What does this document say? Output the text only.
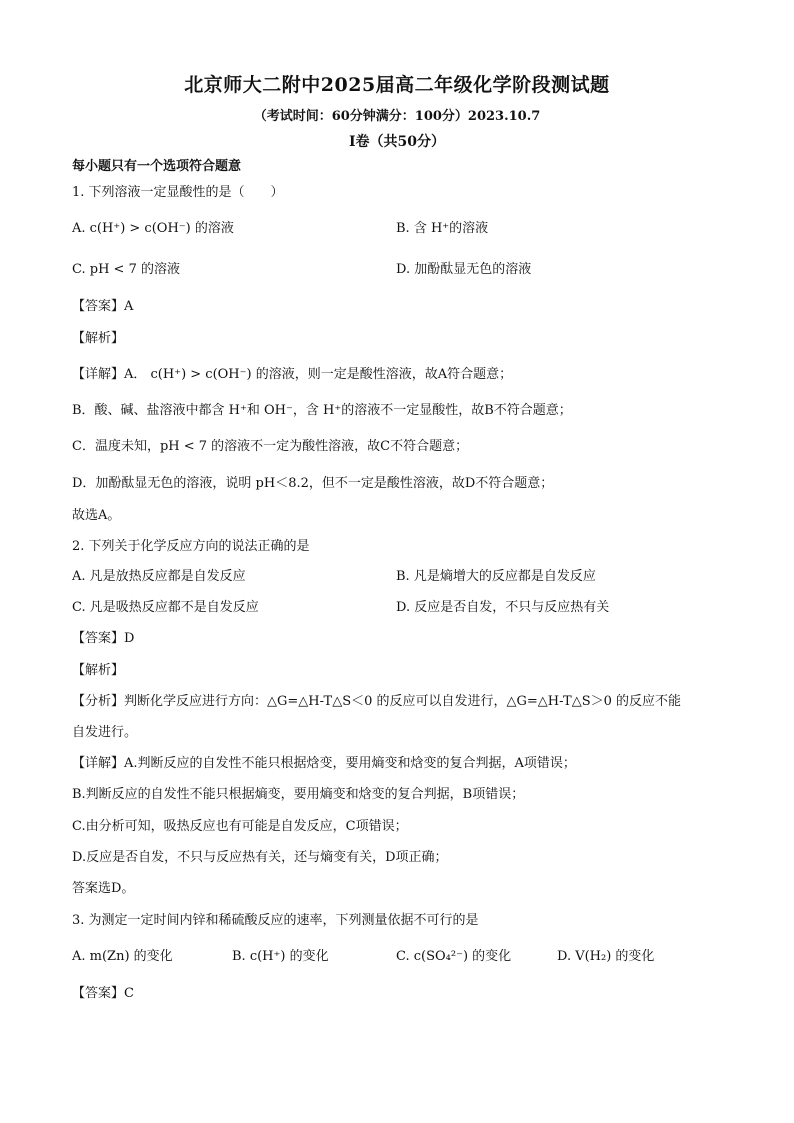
北京师大二附中2025届高二年级化学阶段测试题
（考试时间：60分钟满分：100分）2023.10.7
Ⅰ卷（共50分）
每小题只有一个选项符合题意
1. 下列溶液一定显酸性的是（　　）
A. c(H⁺) > c(OH⁻) 的溶液	B. 含 H⁺的溶液
C. pH < 7 的溶液	D. 加酚酞显无色的溶液
【答案】A
【解析】
【详解】A． c(H⁺) > c(OH⁻) 的溶液，则一定是酸性溶液，故A符合题意；
B．酸、碱、盐溶液中都含 H⁺和 OH⁻，含 H⁺的溶液不一定显酸性，故B不符合题意；
C．温度未知，pH < 7 的溶液不一定为酸性溶液，故C不符合题意；
D．加酚酞显无色的溶液，说明 pH＜8.2，但不一定是酸性溶液，故D不符合题意；
故选A。
2. 下列关于化学反应方向的说法正确的是
A. 凡是放热反应都是自发反应	B. 凡是熵增大的反应都是自发反应
C. 凡是吸热反应都不是自发反应	D. 反应是否自发，不只与反应热有关
【答案】D
【解析】
【分析】判断化学反应进行方向：△G=△H-T△S＜0 的反应可以自发进行，△G=△H-T△S＞0 的反应不能
自发进行。
【详解】A.判断反应的自发性不能只根据焓变，要用熵变和焓变的复合判据，A项错误；
B.判断反应的自发性不能只根据熵变，要用熵变和焓变的复合判据，B项错误；
C.由分析可知，吸热反应也有可能是自发反应，C项错误；
D.反应是否自发，不只与反应热有关，还与熵变有关，D项正确；
答案选D。
3. 为测定一定时间内锌和稀硫酸反应的速率，下列测量依据不可行的是
A. m(Zn) 的变化	B. c(H⁺) 的变化	C. c(SO₄²⁻) 的变化	D. V(H₂) 的变化
【答案】C
